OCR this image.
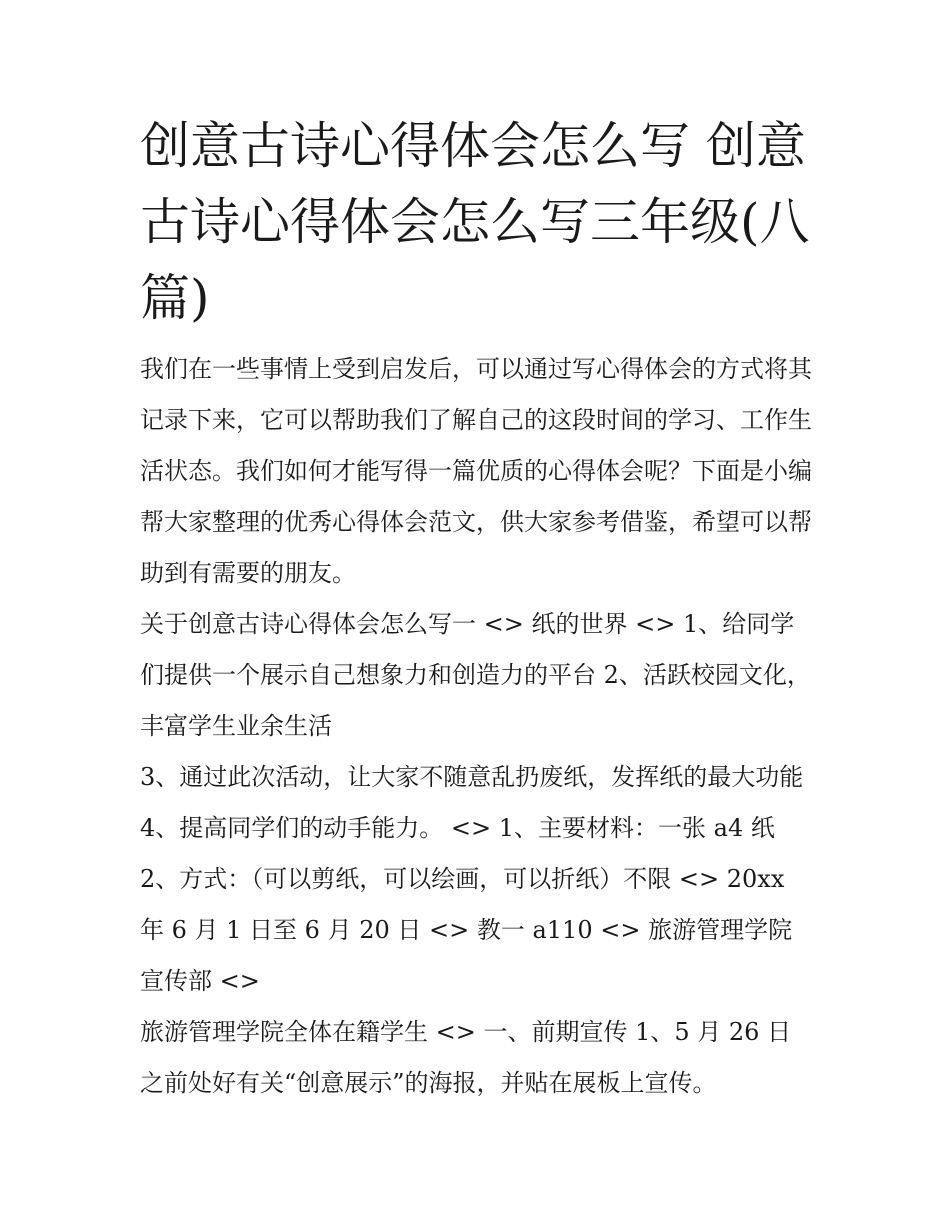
创意古诗心得体会怎么写 创意古诗心得体会怎么写三年级(八篇)

我们在一些事情上受到启发后，可以通过写心得体会的方式将其记录下来，它可以帮助我们了解自己的这段时间的学习、工作生活状态。我们如何才能写得一篇优质的心得体会呢？下面是小编帮大家整理的优秀心得体会范文，供大家参考借鉴，希望可以帮助到有需要的朋友。

关于创意古诗心得体会怎么写一 <> 纸的世界 <> 1、给同学们提供一个展示自己想象力和创造力的平台 2、活跃校园文化，丰富学生业余生活

3、通过此次活动，让大家不随意乱扔废纸，发挥纸的最大功能 4、提高同学们的动手能力。 <> 1、主要材料：一张 a4 纸 2、方式：（可以剪纸，可以绘画，可以折纸）不限 <> 20xx 年 6 月 1 日至 6 月 20 日 <> 教一 a110 <> 旅游管理学院宣传部 <>

旅游管理学院全体在籍学生 <> 一、前期宣传 1、5 月 26 日之前处好有关“创意展示”的海报，并贴在展板上宣传。
